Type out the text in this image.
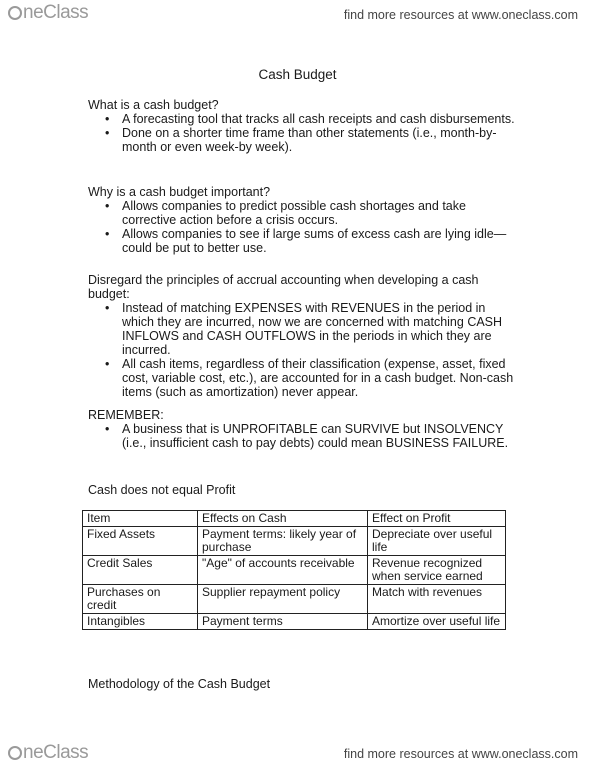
neClass	find more resources at www.oneclass.com
Cash Budget

What is a cash budget?

• A forecasting tool that tracks all cash receipts and cash disbursements.
• Done on a shorter time frame than other statements (i.e., month-by-month or even week-by week).

Why is a cash budget important?

• Allows companies to predict possible cash shortages and take corrective action before a crisis occurs.
• Allows companies to see if large sums of excess cash are lying idle—could be put to better use.

Disregard the principles of accrual accounting when developing a cash budget:

• Instead of matching EXPENSES with REVENUES in the period in which they are incurred, now we are concerned with matching CASH INFLOWS and CASH OUTFLOWS in the periods in which they are incurred.
• All cash items, regardless of their classification (expense, asset, fixed cost, variable cost, etc.), are accounted for in a cash budget. Non-cash items (such as amortization) never appear.

REMEMBER:

• A business that is UNPROFITABLE can SURVIVE but INSOLVENCY (i.e., insufficient cash to pay debts) could mean BUSINESS FAILURE.
Cash does not equal Profit
Item	Effects on Cash	Effect on Profit
Fixed Assets	Payment terms: likely year of purchase	Depreciate over useful life
Credit Sales	"Age" of accounts receivable	Revenue recognized when service earned
Purchases on credit	Supplier repayment policy	Match with revenues
Intangibles	Payment terms	Amortize over useful life
Methodology of the Cash Budget
neClass	find more resources at www.oneclass.com
